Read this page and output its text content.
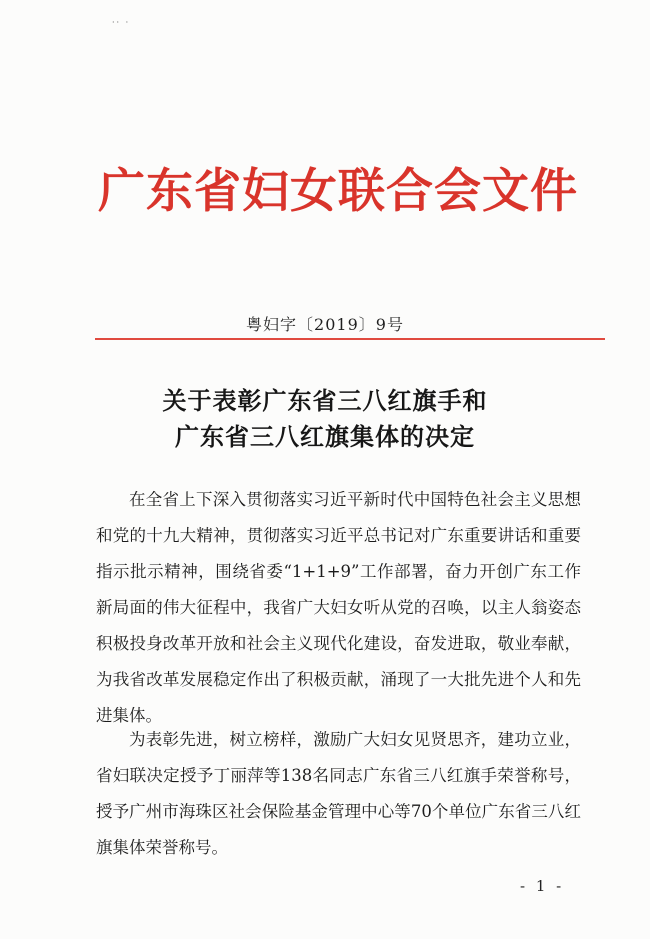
·· ·
广东省妇女联合会文件
粤妇字〔2019〕9号
关于表彰广东省三八红旗手和
广东省三八红旗集体的决定

在全省上下深入贯彻落实习近平新时代中国特色社会主义思想和党的十九大精神，贯彻落实习近平总书记对广东重要讲话和重要指示批示精神，围绕省委“1+1+9”工作部署，奋力开创广东工作新局面的伟大征程中，我省广大妇女听从党的召唤，以主人翁姿态积极投身改革开放和社会主义现代化建设，奋发进取，敬业奉献，为我省改革发展稳定作出了积极贡献，涌现了一大批先进个人和先进集体。

为表彰先进，树立榜样，激励广大妇女见贤思齐，建功立业，省妇联决定授予丁丽萍等138名同志广东省三八红旗手荣誉称号，授予广州市海珠区社会保险基金管理中心等70个单位广东省三八红旗集体荣誉称号。

- 1 -
